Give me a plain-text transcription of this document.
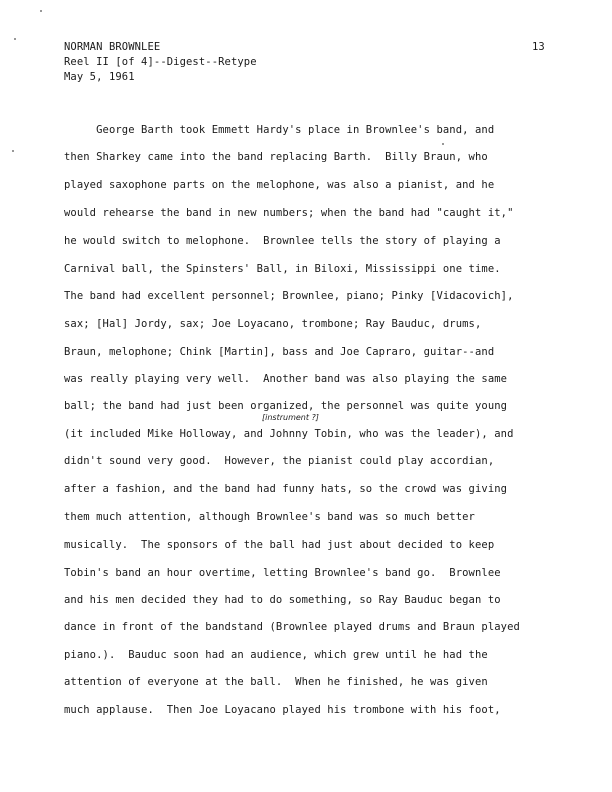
NORMAN BROWNLEE
Reel II [of 4]--Digest--Retype
May 5, 1961
13
George Barth took Emmett Hardy's place in Brownlee's band, and
then Sharkey came into the band replacing Barth.  Billy Braun, who
played saxophone parts on the melophone, was also a pianist, and he
would rehearse the band in new numbers; when the band had "caught it,"
he would switch to melophone.  Brownlee tells the story of playing a
Carnival ball, the Spinsters' Ball, in Biloxi, Mississippi one time.
The band had excellent personnel; Brownlee, piano; Pinky [Vidacovich],
sax; [Hal] Jordy, sax; Joe Loyacano, trombone; Ray Bauduc, drums,
Braun, melophone; Chink [Martin], bass and Joe Capraro, guitar--and
was really playing very well.  Another band was also playing the same
ball; the band had just been organized, the personnel was quite young
(it included Mike Holloway, and Johnny Tobin, who was the leader), and
didn't sound very good.  However, the pianist could play accordian,
after a fashion, and the band had funny hats, so the crowd was giving
them much attention, although Brownlee's band was so much better
musically.  The sponsors of the ball had just about decided to keep
Tobin's band an hour overtime, letting Brownlee's band go.  Brownlee
and his men decided they had to do something, so Ray Bauduc began to
dance in front of the bandstand (Brownlee played drums and Braun played
piano.).  Bauduc soon had an audience, which grew until he had the
attention of everyone at the ball.  When he finished, he was given
much applause.  Then Joe Loyacano played his trombone with his foot,
[instrument ?]
